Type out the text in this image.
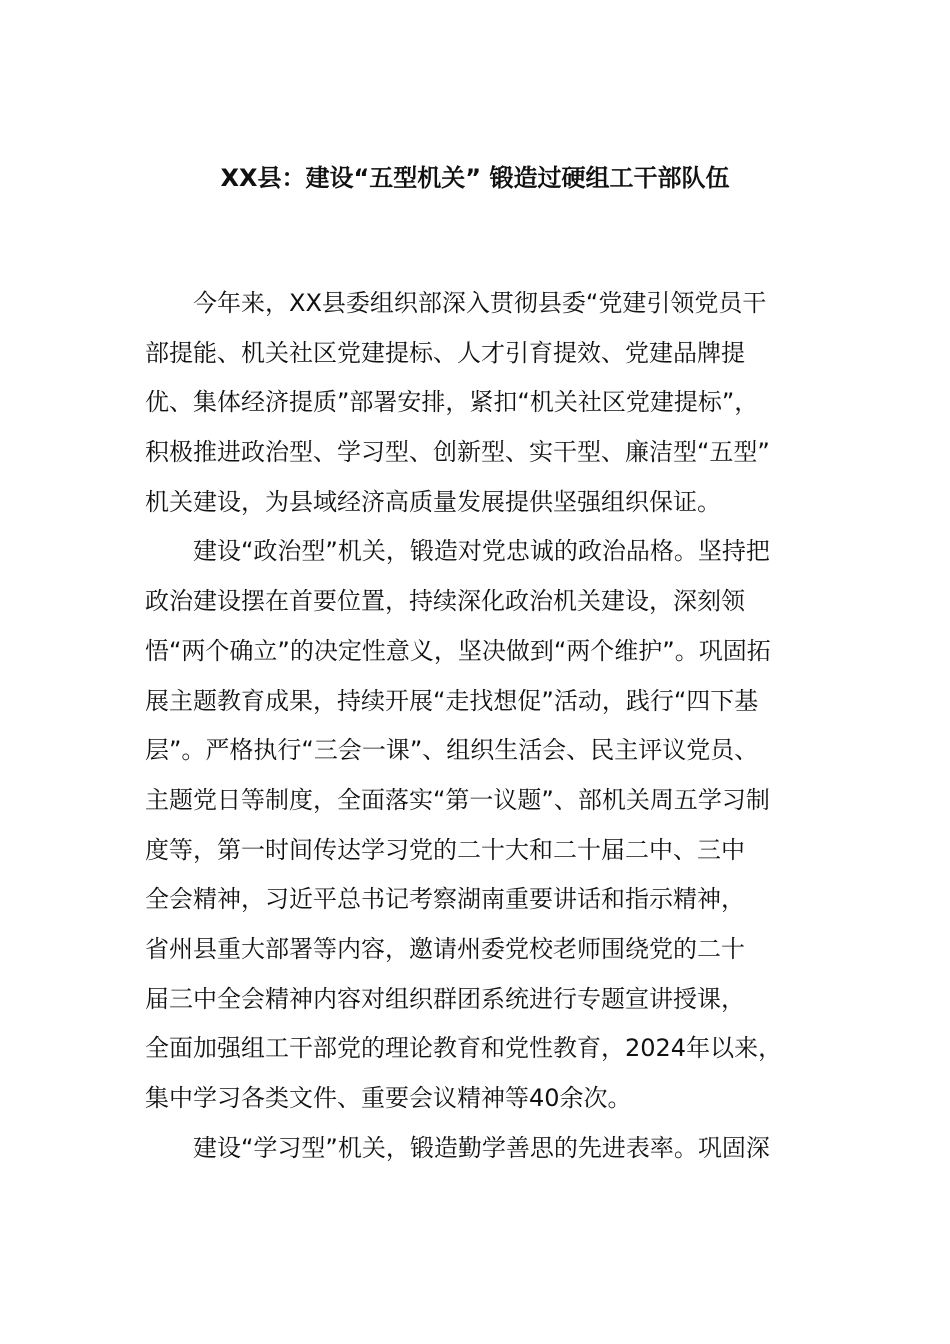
XX县：建设“五型机关” 锻造过硬组工干部队伍
今年来，XX县委组织部深入贯彻县委“党建引领党员干
部提能、机关社区党建提标、人才引育提效、党建品牌提
优、集体经济提质”部署安排，紧扣“机关社区党建提标”，
积极推进政治型、学习型、创新型、实干型、廉洁型“五型”
机关建设，为县域经济高质量发展提供坚强组织保证。
建设“政治型”机关，锻造对党忠诚的政治品格。坚持把
政治建设摆在首要位置，持续深化政治机关建设，深刻领
悟“两个确立”的决定性意义，坚决做到“两个维护”。巩固拓
展主题教育成果，持续开展“走找想促”活动，践行“四下基
层”。严格执行“三会一课”、组织生活会、民主评议党员、
主题党日等制度，全面落实“第一议题”、部机关周五学习制
度等，第一时间传达学习党的二十大和二十届二中、三中
全会精神，习近平总书记考察湖南重要讲话和指示精神，
省州县重大部署等内容，邀请州委党校老师围绕党的二十
届三中全会精神内容对组织群团系统进行专题宣讲授课，
全面加强组工干部党的理论教育和党性教育，2024年以来，
集中学习各类文件、重要会议精神等40余次。
建设“学习型”机关，锻造勤学善思的先进表率。巩固深
